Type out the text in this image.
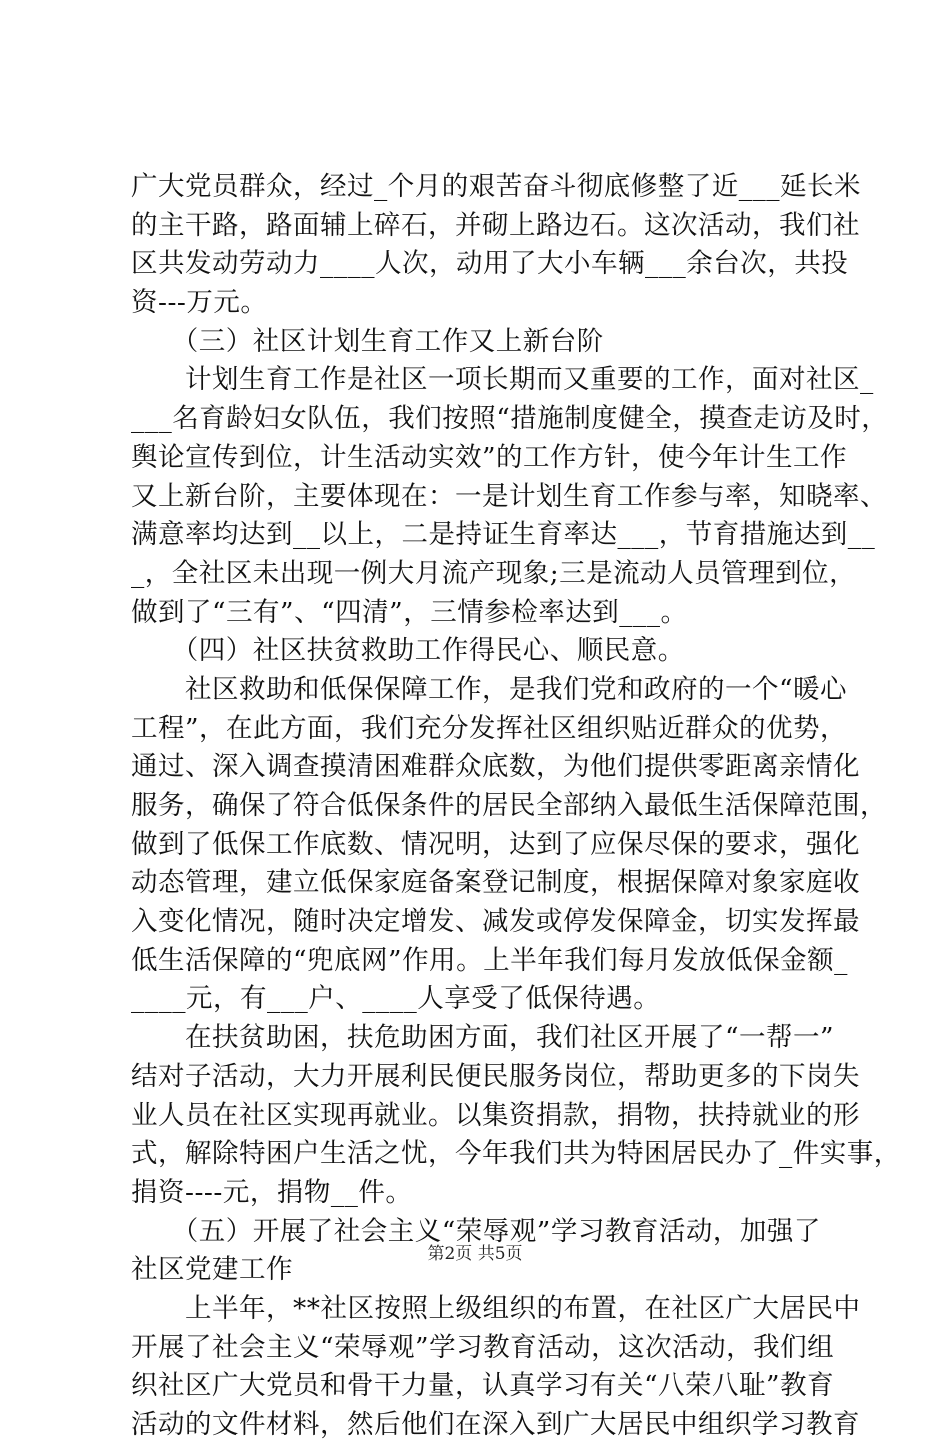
广大党员群众，经过_个月的艰苦奋斗彻底修整了近___延长米
的主干路，路面辅上碎石，并砌上路边石。这次活动，我们社
区共发动劳动力____人次，动用了大小车辆___余台次，共投
资---万元。
　　（三）社区计划生育工作又上新台阶
　　计划生育工作是社区一项长期而又重要的工作，面对社区_
___名育龄妇女队伍，我们按照“措施制度健全，摸查走访及时，
舆论宣传到位，计生活动实效”的工作方针，使今年计生工作
又上新台阶，主要体现在：一是计划生育工作参与率，知晓率、
满意率均达到__以上，二是持证生育率达___，节育措施达到__
_，全社区未出现一例大月流产现象;三是流动人员管理到位，
做到了“三有”、“四清”，三情参检率达到___。
　　（四）社区扶贫救助工作得民心、顺民意。
　　社区救助和低保保障工作，是我们党和政府的一个“暖心
工程”，在此方面，我们充分发挥社区组织贴近群众的优势，
通过、深入调查摸清困难群众底数，为他们提供零距离亲情化
服务，确保了符合低保条件的居民全部纳入最低生活保障范围，
做到了低保工作底数、情况明，达到了应保尽保的要求，强化
动态管理，建立低保家庭备案登记制度，根据保障对象家庭收
入变化情况，随时决定增发、减发或停发保障金，切实发挥最
低生活保障的“兜底网”作用。上半年我们每月发放低保金额_
____元，有___户、____人享受了低保待遇。
　　在扶贫助困，扶危助困方面，我们社区开展了“一帮一”
结对子活动，大力开展利民便民服务岗位，帮助更多的下岗失
业人员在社区实现再就业。以集资捐款，捐物，扶持就业的形
式，解除特困户生活之忧，今年我们共为特困居民办了_件实事，
捐资----元，捐物__件。
　　（五）开展了社会主义“荣辱观”学习教育活动，加强了
社区党建工作
　　上半年，**社区按照上级组织的布置，在社区广大居民中
开展了社会主义“荣辱观”学习教育活动，这次活动，我们组
织社区广大党员和骨干力量，认真学习有关“八荣八耻”教育
活动的文件材料，然后他们在深入到广大居民中组织学习教育
第2页 共5页
